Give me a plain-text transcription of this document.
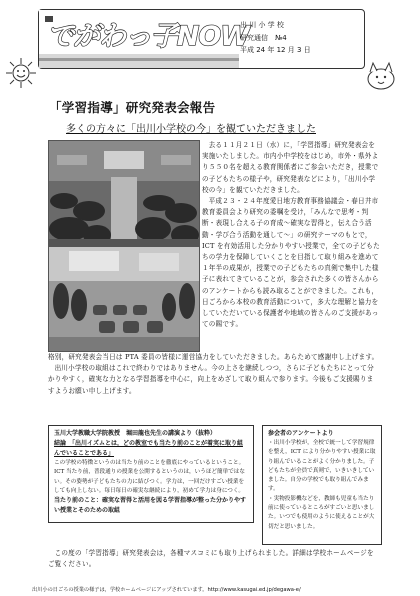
でがわっ子NOW
出 川 小 学 校
研究通信　№4
平成 24 年 12 月 3 日
「学習指導」研究発表会報告
多くの方々に「出川小学校の今」を観ていただきました

去る１１月２１日（水）に，「学習指導」研究発表会を実施いたしました。市内小中学校をはじめ，市外・県外より５５０名を超える教育関係者にご参会いただき，授業での子どもたちの様子や，研究発表などにより，「出川小学校の今」を観ていただきました。

平成２３・２４年度愛日地方教育事務協議会・春日井市教育委員会より研究の委嘱を受け，「みんなで思考・判断・表現し合える子の育成～確実な習得と，伝え合う活動・学び合う活動を通して～」の研究テーマのもとで，ICT を有効活用した分かりやすい授業で，全ての子どもたちの学力を保障していくことを目指して取り組みを進めて１年半の成果が，授業での子どもたちの真剣で集中した様子に表れてきていることが，参会された多くの皆さんからのアンケートからも読み取ることができました。これも，日ごろから本校の教育活動について，多大な理解と協力をしていただいている保護者や地域の皆さんのご支援があっての賜です。

格別，研究発表会当日は PTA 委員の皆様に運営協力をしていただきました。あらためて感謝申し上げます。

出川小学校の取組はこれで終わりではありません。今の上さを継続しつつ，さらに子どもたちにとって分かりやすく，確実な力となる学習指導を中心に，向上をめざして取り組んで参ります。今後もご支援賜りますようお願い申し上げます。

玉川大学教職大学院教授　堀田龍也先生の講演より（抜粋）

結論　「出川イズムとは，どの教室でも当たり前のことが着実に取り組んでいることである」

この学校の特徴というのは当たり前のことを徹底にやっているということ。ICT 当たり前，普段通りの授業を公開するというのは，いうほど簡単ではない。その姿勢が子どもたちの力に結びつく。学力は，一回だけすごい授業をしても向上しない。毎日毎日の確実な継続により，初めて学力は身につく。

当たり前のこと：確実な習得と活用を図る学習指導が整った分かりやすい授業とそのための取組

参会者のアンケートより

・出川小学校が，全校で統一して学習規律を整え，ICT により分かりやすい授業に取り組んでいることがよく分かりました。子どもたちが全員で真剣で，いきいきしていました。自分の学校でも取り組んでみます。

・実物投影機などを，教師も児童も当たり前に使っているところがすごいと思いました。いつでも使用のように使えることが大切だと思いました。

この度の「学習指導」研究発表会は，各種マスコミにも取り上げられました。詳細は学校ホームページをご覧ください。

出川小の日ごろの授業の様子は，学校ホームページにアップされています。http://www.kasugai.ed.jp/degawa-e/
